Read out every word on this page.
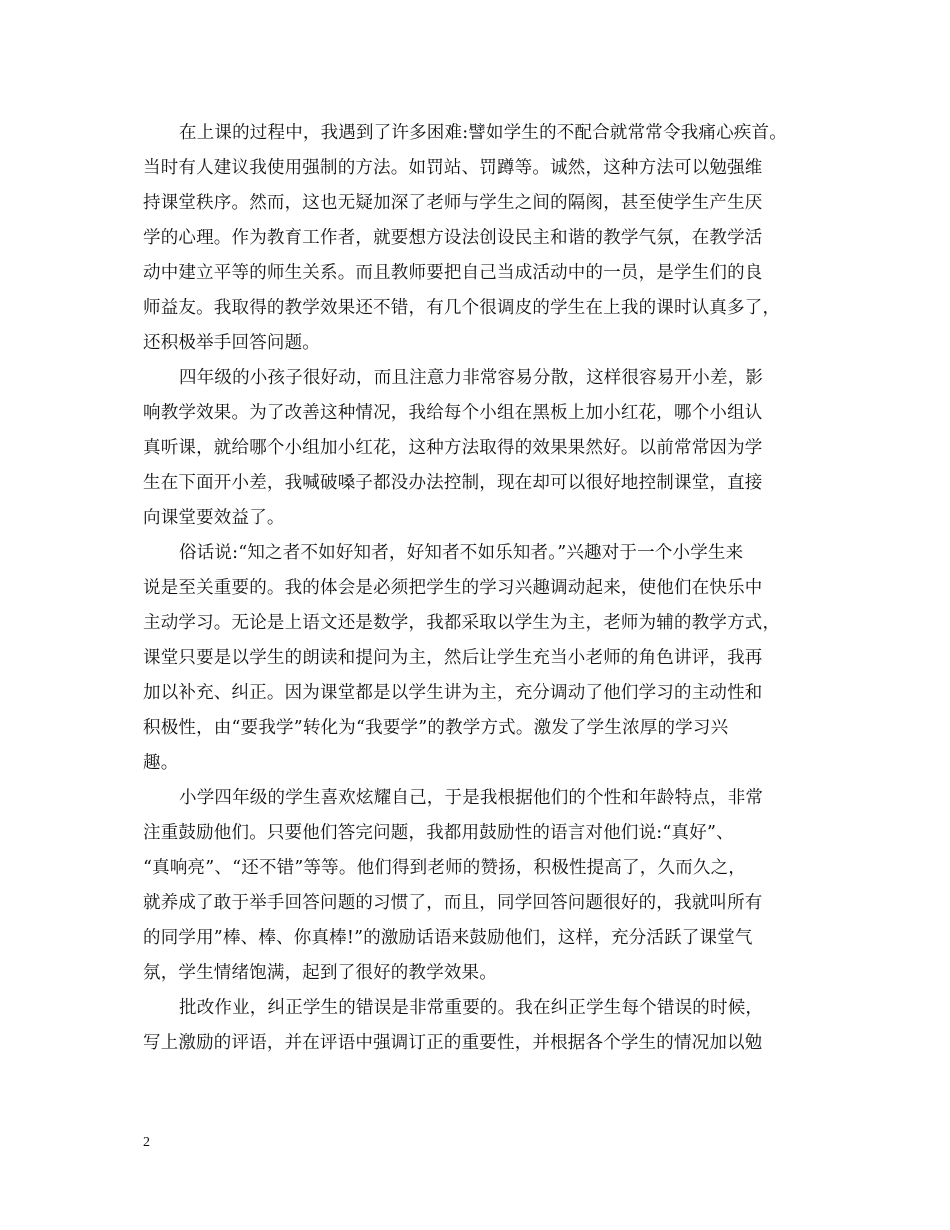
在上课的过程中，我遇到了许多困难:譬如学生的不配合就常常令我痛心疾首。
当时有人建议我使用强制的方法。如罚站、罚蹲等。诚然，这种方法可以勉强维
持课堂秩序。然而，这也无疑加深了老师与学生之间的隔阂，甚至使学生产生厌
学的心理。作为教育工作者，就要想方设法创设民主和谐的教学气氛，在教学活
动中建立平等的师生关系。而且教师要把自己当成活动中的一员，是学生们的良
师益友。我取得的教学效果还不错，有几个很调皮的学生在上我的课时认真多了，
还积极举手回答问题。
四年级的小孩子很好动，而且注意力非常容易分散，这样很容易开小差，影
响教学效果。为了改善这种情况，我给每个小组在黑板上加小红花，哪个小组认
真听课，就给哪个小组加小红花，这种方法取得的效果果然好。以前常常因为学
生在下面开小差，我喊破嗓子都没办法控制，现在却可以很好地控制课堂，直接
向课堂要效益了。
俗话说:“知之者不如好知者，好知者不如乐知者。”兴趣对于一个小学生来
说是至关重要的。我的体会是必须把学生的学习兴趣调动起来，使他们在快乐中
主动学习。无论是上语文还是数学，我都采取以学生为主，老师为辅的教学方式，
课堂只要是以学生的朗读和提问为主，然后让学生充当小老师的角色讲评，我再
加以补充、纠正。因为课堂都是以学生讲为主，充分调动了他们学习的主动性和
积极性，由“要我学”转化为“我要学”的教学方式。激发了学生浓厚的学习兴
趣。
小学四年级的学生喜欢炫耀自己，于是我根据他们的个性和年龄特点，非常
注重鼓励他们。只要他们答完问题，我都用鼓励性的语言对他们说:“真好”、
“真响亮”、“还不错”等等。他们得到老师的赞扬，积极性提高了，久而久之，
就养成了敢于举手回答问题的习惯了，而且，同学回答问题很好的，我就叫所有
的同学用”棒、棒、你真棒!”的激励话语来鼓励他们，这样，充分活跃了课堂气
氛，学生情绪饱满，起到了很好的教学效果。
批改作业，纠正学生的错误是非常重要的。我在纠正学生每个错误的时候，
写上激励的评语，并在评语中强调订正的重要性，并根据各个学生的情况加以勉
2
